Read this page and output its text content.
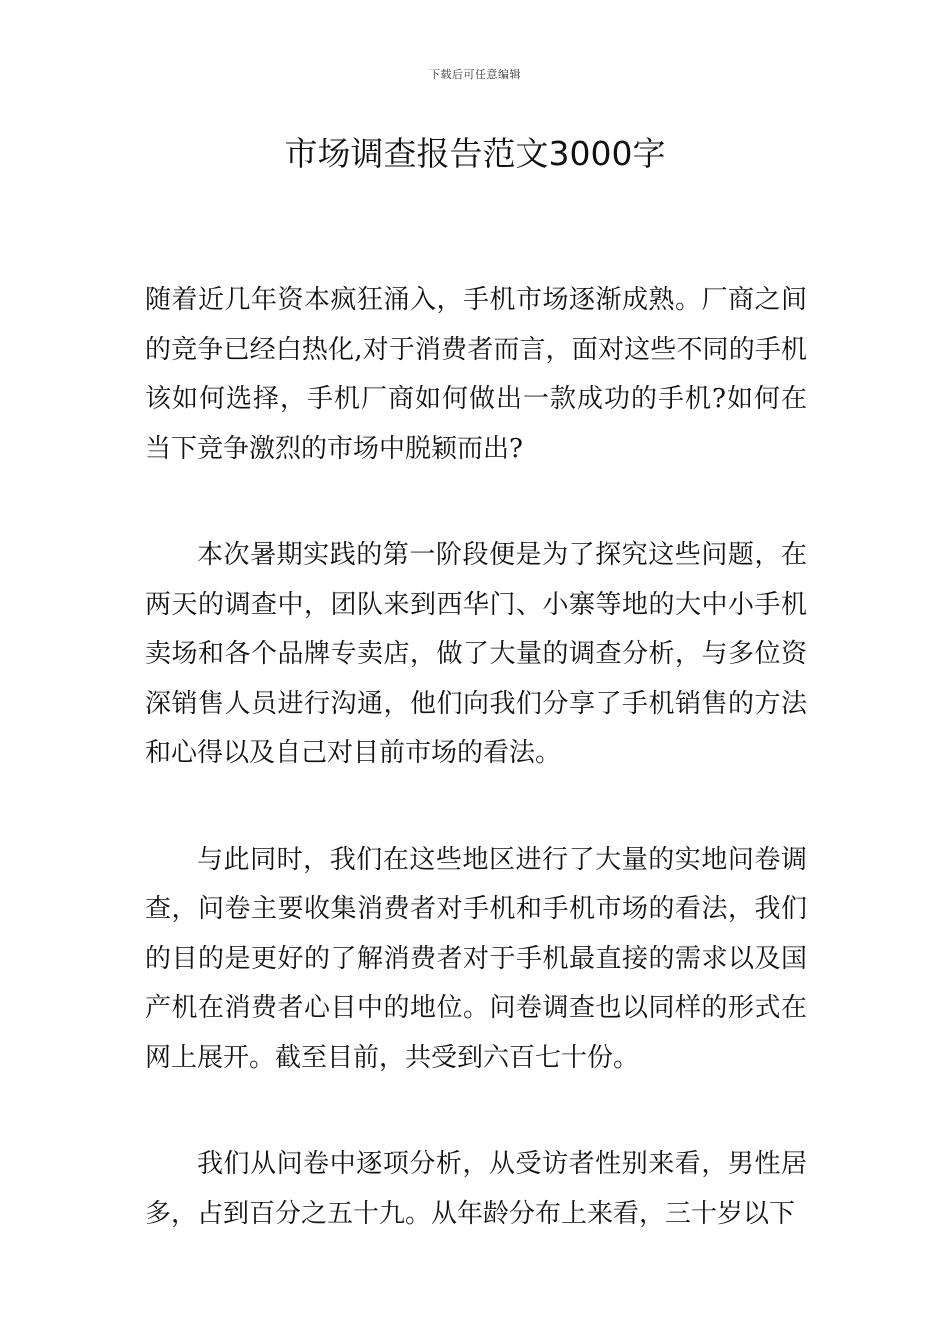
下载后可任意编辑
市场调查报告范文3000字

随着近几年资本疯狂涌入，手机市场逐渐成熟。厂商之间的竞争已经白热化,对于消费者而言，面对这些不同的手机该如何选择，手机厂商如何做出一款成功的手机?如何在当下竞争激烈的市场中脱颖而出?

本次暑期实践的第一阶段便是为了探究这些问题，在两天的调查中，团队来到西华门、小寨等地的大中小手机卖场和各个品牌专卖店，做了大量的调查分析，与多位资深销售人员进行沟通，他们向我们分享了手机销售的方法和心得以及自己对目前市场的看法。

与此同时，我们在这些地区进行了大量的实地问卷调查，问卷主要收集消费者对手机和手机市场的看法，我们的目的是更好的了解消费者对于手机最直接的需求以及国产机在消费者心目中的地位。问卷调查也以同样的形式在网上展开。截至目前，共受到六百七十份。

我们从问卷中逐项分析，从受访者性别来看，男性居多，占到百分之五十九。从年龄分布上来看，三十岁以下
